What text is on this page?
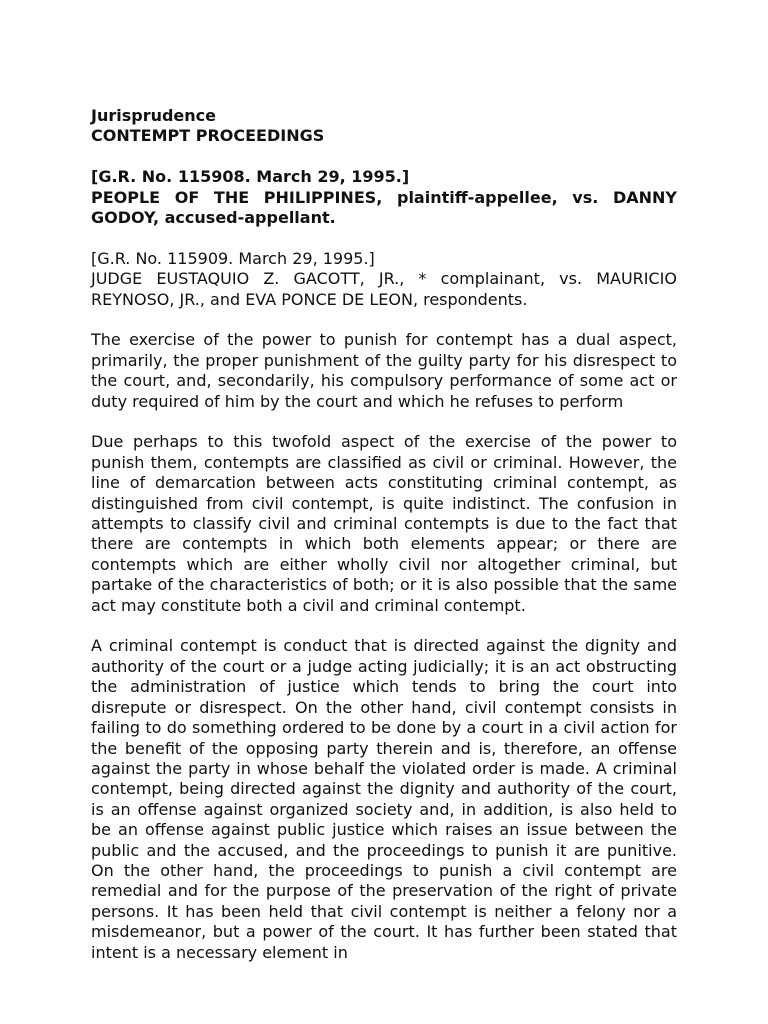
Jurisprudence

CONTEMPT PROCEEDINGS

[G.R. No. 115908. March 29, 1995.]

PEOPLE OF THE PHILIPPINES, plaintiff-appellee, vs. DANNY GODOY, accused-appellant.

[G.R. No. 115909. March 29, 1995.]

JUDGE EUSTAQUIO Z. GACOTT, JR., * complainant, vs. MAURICIO REYNOSO, JR., and EVA PONCE DE LEON, respondents.

The exercise of the power to punish for contempt has a dual aspect, primarily, the proper punishment of the guilty party for his disrespect to the court, and, secondarily, his compulsory performance of some act or duty required of him by the court and which he refuses to perform

Due perhaps to this twofold aspect of the exercise of the power to punish them, contempts are classified as civil or criminal. However, the line of demarcation between acts constituting criminal contempt, as distinguished from civil contempt, is quite indistinct. The confusion in attempts to classify civil and criminal contempts is due to the fact that there are contempts in which both elements appear; or there are contempts which are either wholly civil nor altogether criminal, but partake of the characteristics of both; or it is also possible that the same act may constitute both a civil and criminal contempt.

A criminal contempt is conduct that is directed against the dignity and authority of the court or a judge acting judicially; it is an act obstructing the administration of justice which tends to bring the court into disrepute or disrespect. On the other hand, civil contempt consists in failing to do something ordered to be done by a court in a civil action for the benefit of the opposing party therein and is, therefore, an offense against the party in whose behalf the violated order is made. A criminal contempt, being directed against the dignity and authority of the court, is an offense against organized society and, in addition, is also held to be an offense against public justice which raises an issue between the public and the accused, and the proceedings to punish it are punitive. On the other hand, the proceedings to punish a civil contempt are remedial and for the purpose of the preservation of the right of private persons. It has been held that civil contempt is neither a felony nor a misdemeanor, but a power of the court. It has further been stated that intent is a necessary element in
